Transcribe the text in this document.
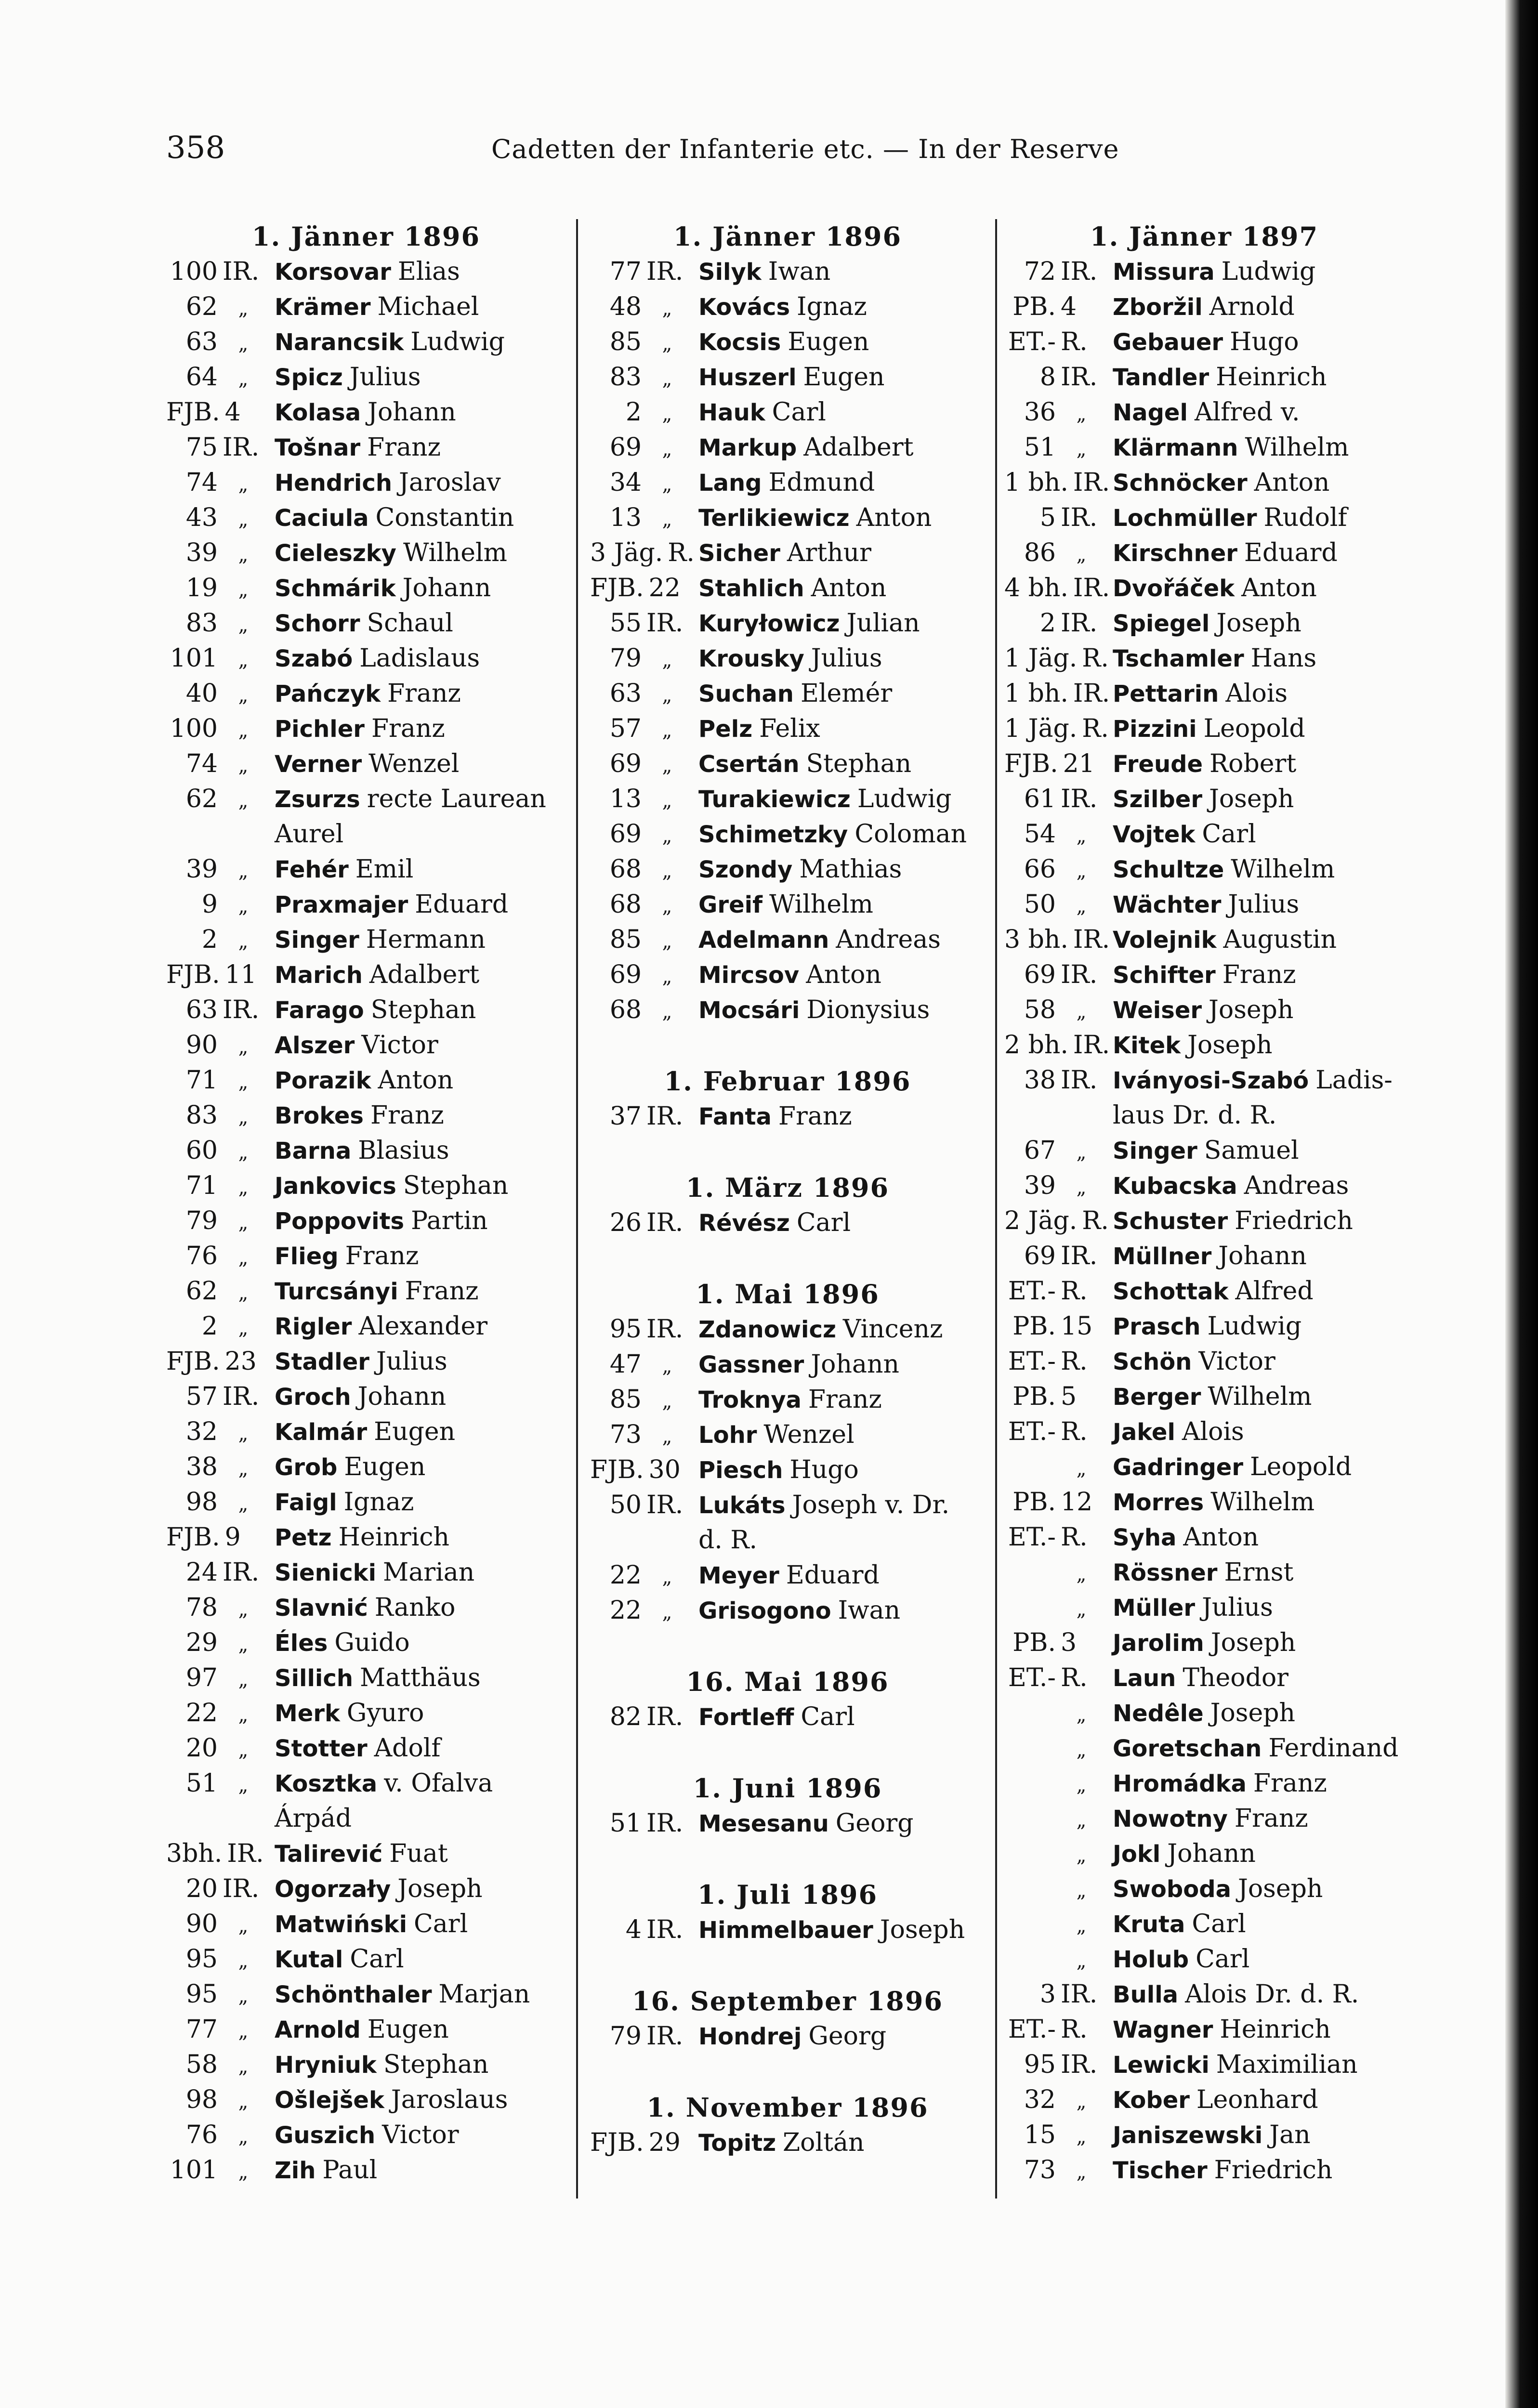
358	Cadetten der Infanterie etc. — In der Reserve
1. Jänner 1896
100 IR. Korsovar Elias
62 „	Krämer Michael
63 „	Narancsik Ludwig
64 „	Spicz Julius
FJB. 4	Kolasa Johann
75 IR. Tošnar Franz
74 „	Hendrich Jaroslav
43 „	Caciula Constantin
39 „	Cieleszky Wilhelm
19 „	Schmárik Johann
83 „	Schorr Schaul
101 „	Szabó Ladislaus
40 „	Pańczyk Franz
100 „	Pichler Franz
74 „	Verner Wenzel
62 „	Zsurzs recte Laurean
Aurel
39 „	Fehér Emil
9 „	Praxmajer Eduard
2 „	Singer Hermann
FJB. 11 Marich Adalbert
63 IR. Farago Stephan
90 „	Alszer Victor
71 „	Porazik Anton
83 „	Brokes Franz
60 „	Barna Blasius
71 „	Jankovics Stephan
79 „	Poppovits Partin
76 „	Flieg Franz
62 „	Turcsányi Franz
2 „	Rigler Alexander
FJB. 23 Stadler Julius
57 IR. Groch Johann
32 „	Kalmár Eugen
38 „	Grob Eugen
98 „	Faigl Ignaz
FJB. 9	Petz Heinrich
24 IR. Sienicki Marian
78 „	Slavnić Ranko
29 „	Éles Guido
97 „	Sillich Matthäus
22 „	Merk Gyuro
20 „	Stotter Adolf
51 „	Kosztka v. Ofalva
Árpád
3bh. IR. Talirević Fuat
20 IR. Ogorzały Joseph
90 „	Matwiński Carl
95 „	Kutal Carl
95 „	Schönthaler Marjan
77 „	Arnold Eugen
58 „	Hryniuk Stephan
98 „	Ošlejšek Jaroslaus
76 „	Guszich Victor
101 „	Zih Paul
1. Jänner 1896
77 IR. Silyk Iwan
48 „	Kovács Ignaz
85 „	Kocsis Eugen
83 „	Huszerl Eugen
2 „	Hauk Carl
69 „	Markup Adalbert
34 „	Lang Edmund
13 „	Terlikiewicz Anton
3 Jäg. R. Sicher Arthur
FJB. 22 Stahlich Anton
55 IR. Kuryłowicz Julian
79 „	Krousky Julius
63 „	Suchan Elemér
57 „	Pelz Felix
69 „	Csertán Stephan
13 „	Turakiewicz Ludwig
69 „	Schimetzky Coloman
68 „	Szondy Mathias
68 „	Greif Wilhelm
85 „	Adelmann Andreas
69 „	Mircsov Anton
68 „	Mocsári Dionysius
1. Februar 1896
37 IR. Fanta Franz
1. März 1896
26 IR. Révész Carl
1. Mai 1896
95 IR. Zdanowicz Vincenz
47 „	Gassner Johann
85 „	Troknya Franz
73 „	Lohr Wenzel
FJB. 30 Piesch Hugo
50 IR. Lukáts Joseph v. Dr.
d. R.
22 „	Meyer Eduard
22 „	Grisogono Iwan
16. Mai 1896
82 IR. Fortleff Carl
1. Juni 1896
51 IR. Mesesanu Georg
1. Juli 1896
4 IR. Himmelbauer Joseph
16. September 1896
79 IR. Hondrej Georg
1. November 1896
FJB. 29 Topitz Zoltán
1. Jänner 1897
72 IR. Missura Ludwig
PB. 4	Zboržil Arnold
ET.- R.	Gebauer Hugo
8 IR. Tandler Heinrich
36 „	Nagel Alfred v.
51 „	Klärmann Wilhelm
1 bh. IR. Schnöcker Anton
5 IR. Lochmüller Rudolf
86 „	Kirschner Eduard
4 bh. IR. Dvořáček Anton
2 IR. Spiegel Joseph
1 Jäg. R. Tschamler Hans
1 bh. IR. Pettarin Alois
1 Jäg. R. Pizzini Leopold
FJB. 21 Freude Robert
61 IR. Szilber Joseph
54 „	Vojtek Carl
66 „	Schultze Wilhelm
50 „	Wächter Julius
3 bh. IR. Volejnik Augustin
69 IR. Schifter Franz
58 „	Weiser Joseph
2 bh. IR. Kitek Joseph
38 IR. Iványosi-Szabó Ladis-
laus Dr. d. R.
67 „	Singer Samuel
39 „	Kubacska Andreas
2 Jäg. R. Schuster Friedrich
69 IR. Müllner Johann
ET.- R.	Schottak Alfred
PB. 15 Prasch Ludwig
ET.- R.	Schön Victor
PB. 5	Berger Wilhelm
ET.- R.	Jakel Alois
„	Gadringer Leopold
PB. 12 Morres Wilhelm
ET.- R.	Syha Anton
„	Rössner Ernst
„	Müller Julius
PB. 3	Jarolim Joseph
ET.- R.	Laun Theodor
„	Nedêle Joseph
„	Goretschan Ferdinand
„	Hromádka Franz
„	Nowotny Franz
„	Jokl Johann
„	Swoboda Joseph
„	Kruta Carl
„	Holub Carl
3 IR. Bulla Alois Dr. d. R.
ET.- R.	Wagner Heinrich
95 IR. Lewicki Maximilian
32 „	Kober Leonhard
15 „	Janiszewski Jan
73 „	Tischer Friedrich
